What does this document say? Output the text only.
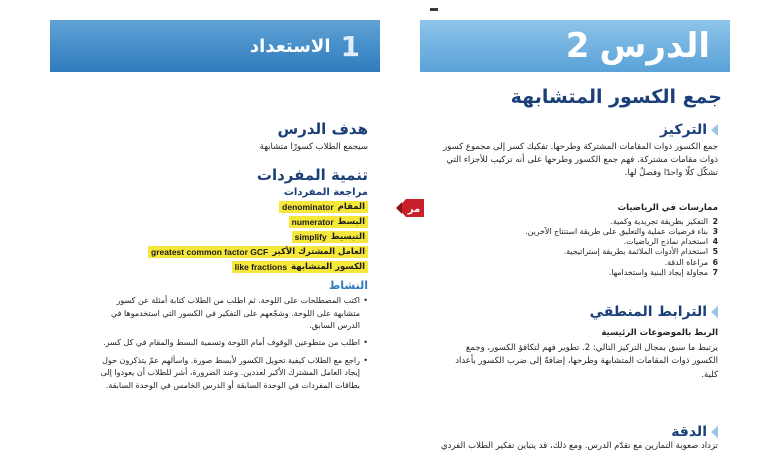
1
الاستعداد	الدرس
2
جمع الكسور المتشابهة
هدف الدرس
سيجمع الطلاب كسورًا متشابهة
تنمية المفردات
مراجعة المفردات
المقام
denominator
البسط
numerator
التبسيط
simplify
العامل المشترك الأكبر
greatest common factor GCF
الكسور المتشابهة
like fractions
النشاط
• اكتب المصطلحات على اللوحة. ثم اطلب من الطلاب كتابة أمثلة عن كسور متشابهة على اللوحة. وشجّعهم على التفكير في الكسور التي استخدموها في الدرس السابق.
• اطلب من متطوعين الوقوف أمام اللوحة وتسمية البسط والمقام في كل كسر.
• راجع مع الطلاب كيفية تحويل الكسور لأبسط صورة. واسألهم عمّ يتذكرون حول إيجاد العامل المشترك الأكبر لعددين. وعند الضرورة، أشر للطلاب أن يعودوا إلى بطاقات المفردات في الوحدة السابقة أو الدرس الخامس في الوحدة السابقة.
التركيز
جمع الكسور ذوات المقامات المشتركة وطرحها. تفكيك كسر إلى مجموع كسور ذوات مقامات مشتركة. فهم جمع الكسور وطرحها على أنه تركيب للأجزاء التي تشكّل كلًا واحدًا وفصلٌ لها.
مر	ممارسات في الرياضيات
2
التفكير بطريقة تجريدية وكمية.
3
بناء فرضيات عملية والتعليق على طريقة استنتاج الآخرين.
4
استخدام نماذج الرياضيات.
5
استخدام الأدوات الملائمة بطريقة إستراتيجية.
6
مراعاة الدقة.
7
محاولة إيجاد البنية واستخدامها.
الترابط المنطقي
الربط بالموضوعات الرئيسية
يرتبط ما سبق بمجال التركيز التالي: 2. تطوير فهم لتكافؤ الكسور، وجمع الكسور ذوات المقامات المتشابهة وطرحها، إضافةً إلى ضرب الكسور بأعداد كلية.
الدقة
تزداد صعوبة التمارين مع تقدّم الدرس. ومع ذلك، قد يتباين تفكير الطلاب الفردي
